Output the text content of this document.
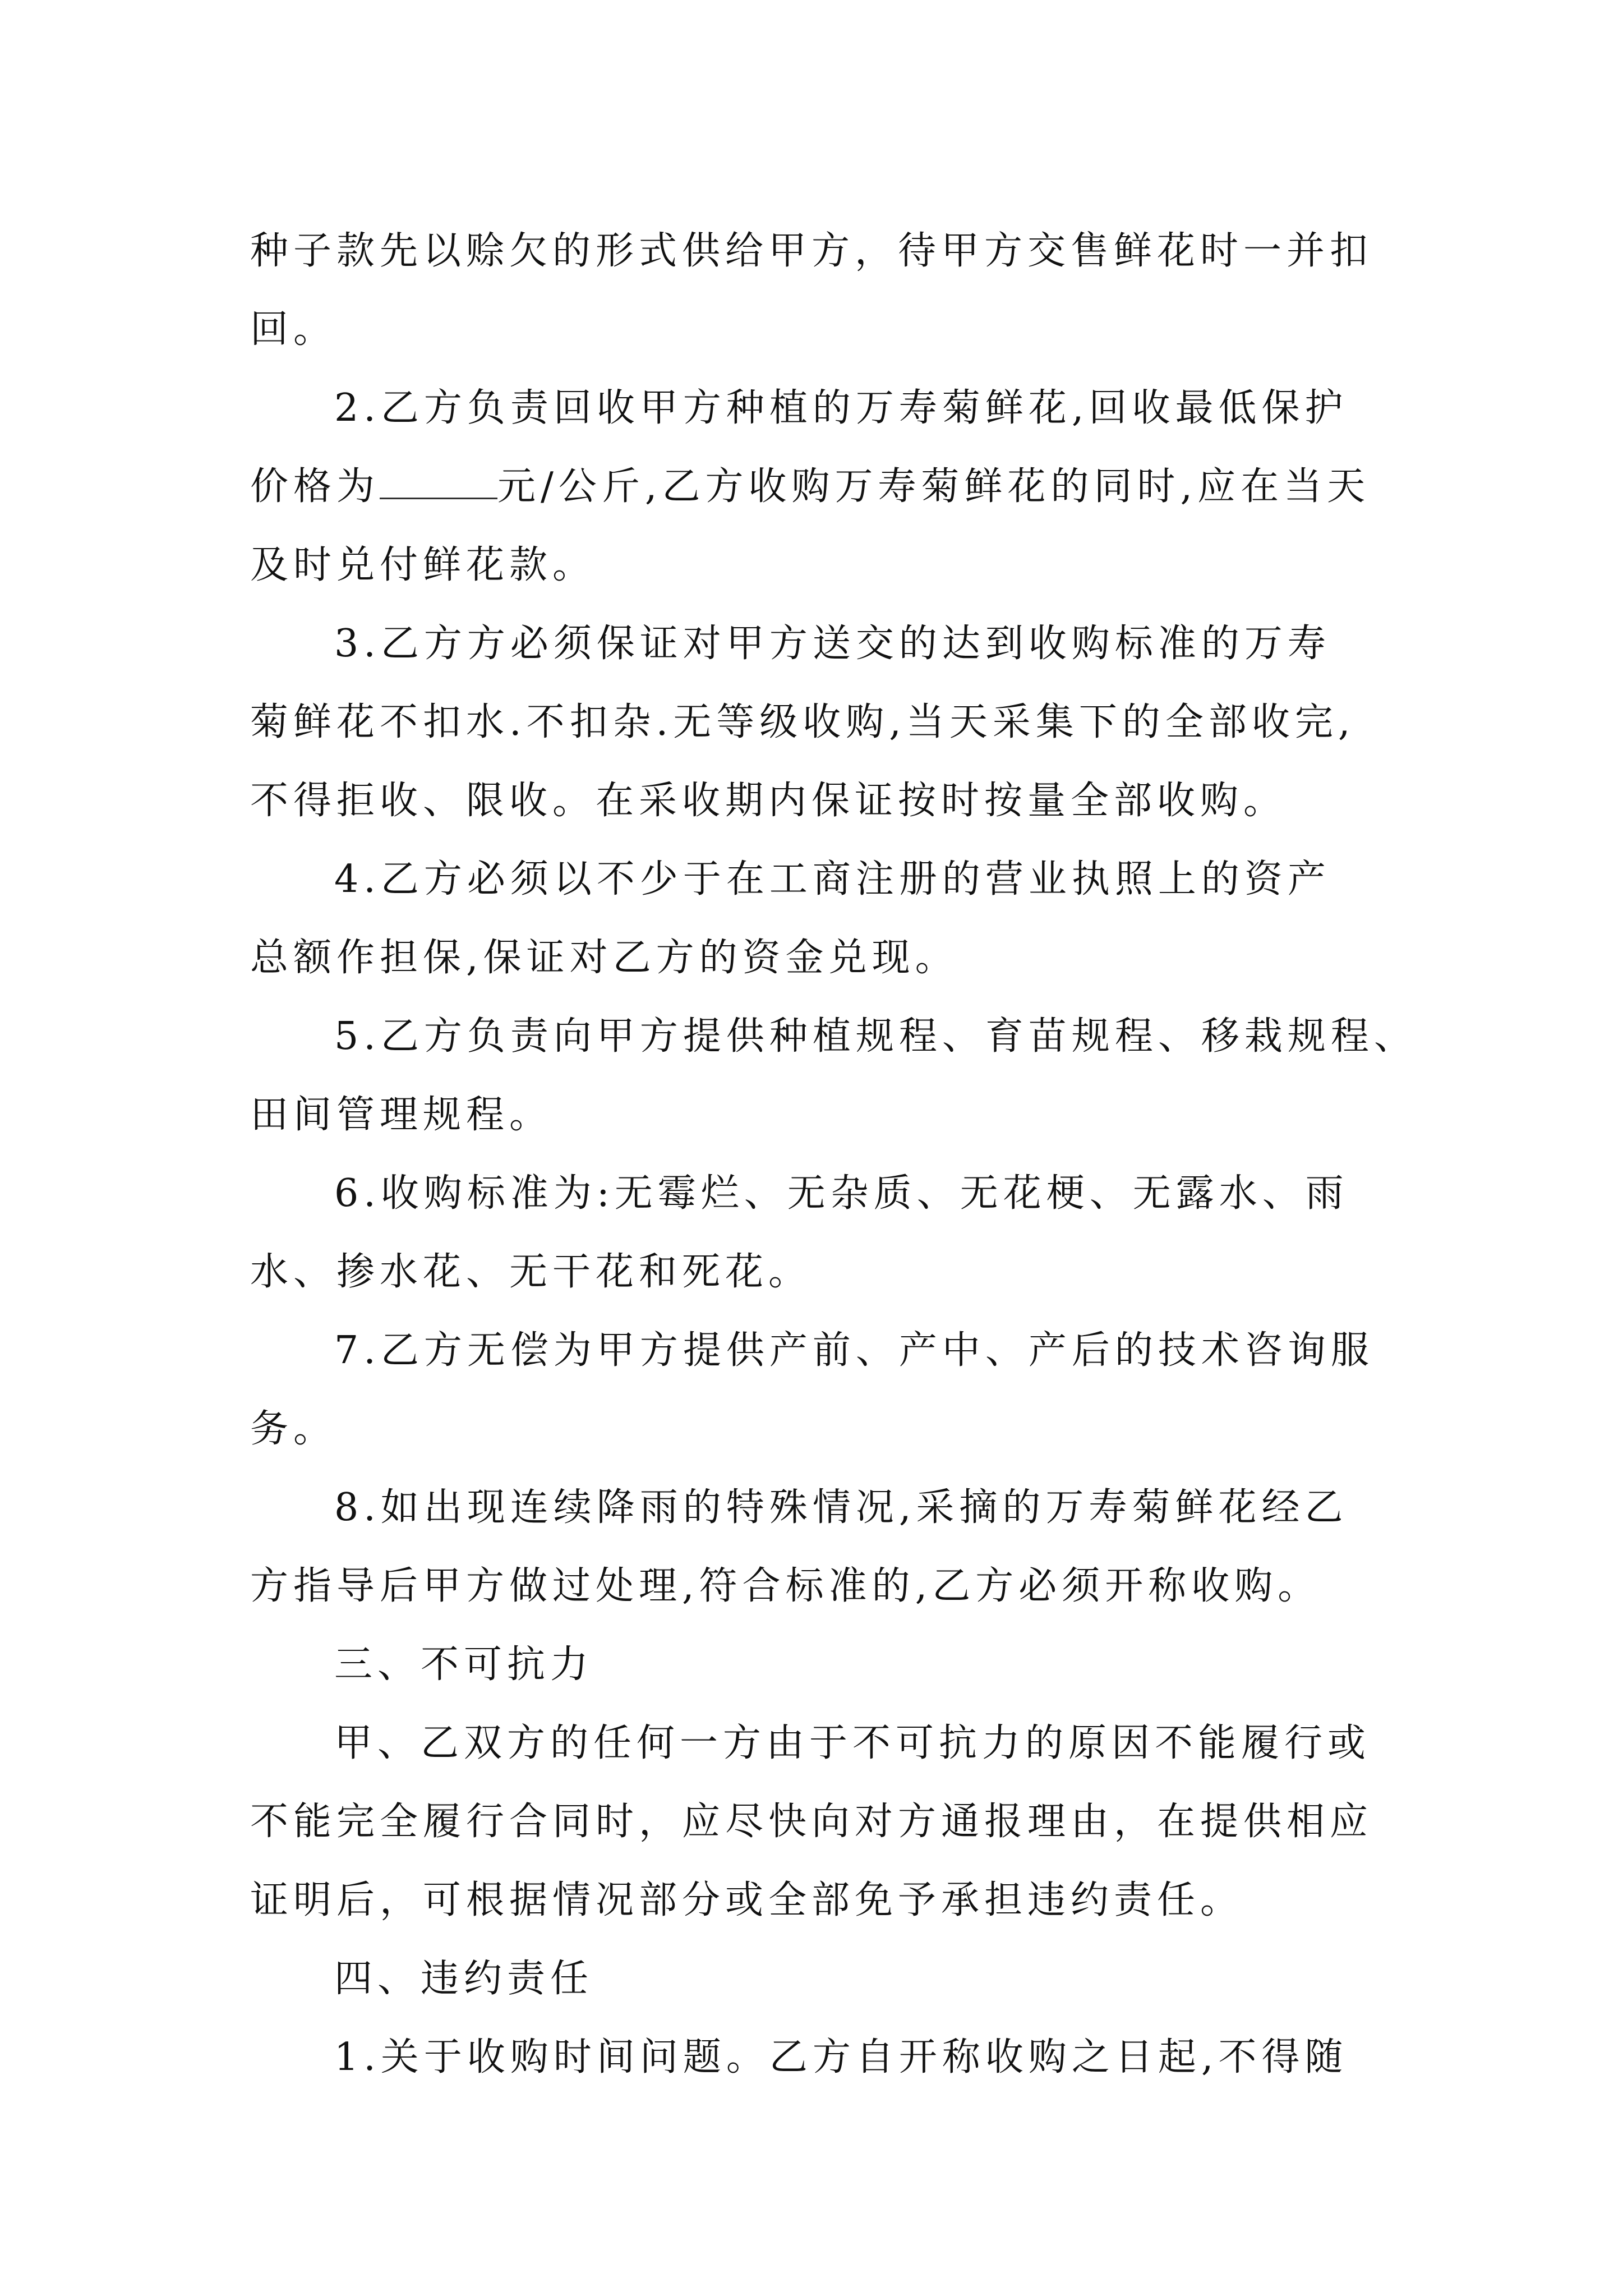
种子款先以赊欠的形式供给甲方，待甲方交售鲜花时一并扣
回。
2.乙方负责回收甲方种植的万寿菊鲜花,回收最低保护
价格为	元/公斤,乙方收购万寿菊鲜花的同时,应在当天
及时兑付鲜花款。
3.乙方方必须保证对甲方送交的达到收购标准的万寿
菊鲜花不扣水.不扣杂.无等级收购,当天采集下的全部收完,
不得拒收、限收。在采收期内保证按时按量全部收购。
4.乙方必须以不少于在工商注册的营业执照上的资产
总额作担保,保证对乙方的资金兑现。
5.乙方负责向甲方提供种植规程、育苗规程、移栽规程、
田间管理规程。
6.收购标准为:无霉烂、无杂质、无花梗、无露水、雨
水、掺水花、无干花和死花。
7.乙方无偿为甲方提供产前、产中、产后的技术咨询服
务。
8.如出现连续降雨的特殊情况,采摘的万寿菊鲜花经乙
方指导后甲方做过处理,符合标准的,乙方必须开称收购。
三、不可抗力
甲、乙双方的任何一方由于不可抗力的原因不能履行或
不能完全履行合同时，应尽快向对方通报理由，在提供相应
证明后，可根据情况部分或全部免予承担违约责任。
四、违约责任
1.关于收购时间问题。乙方自开称收购之日起,不得随
